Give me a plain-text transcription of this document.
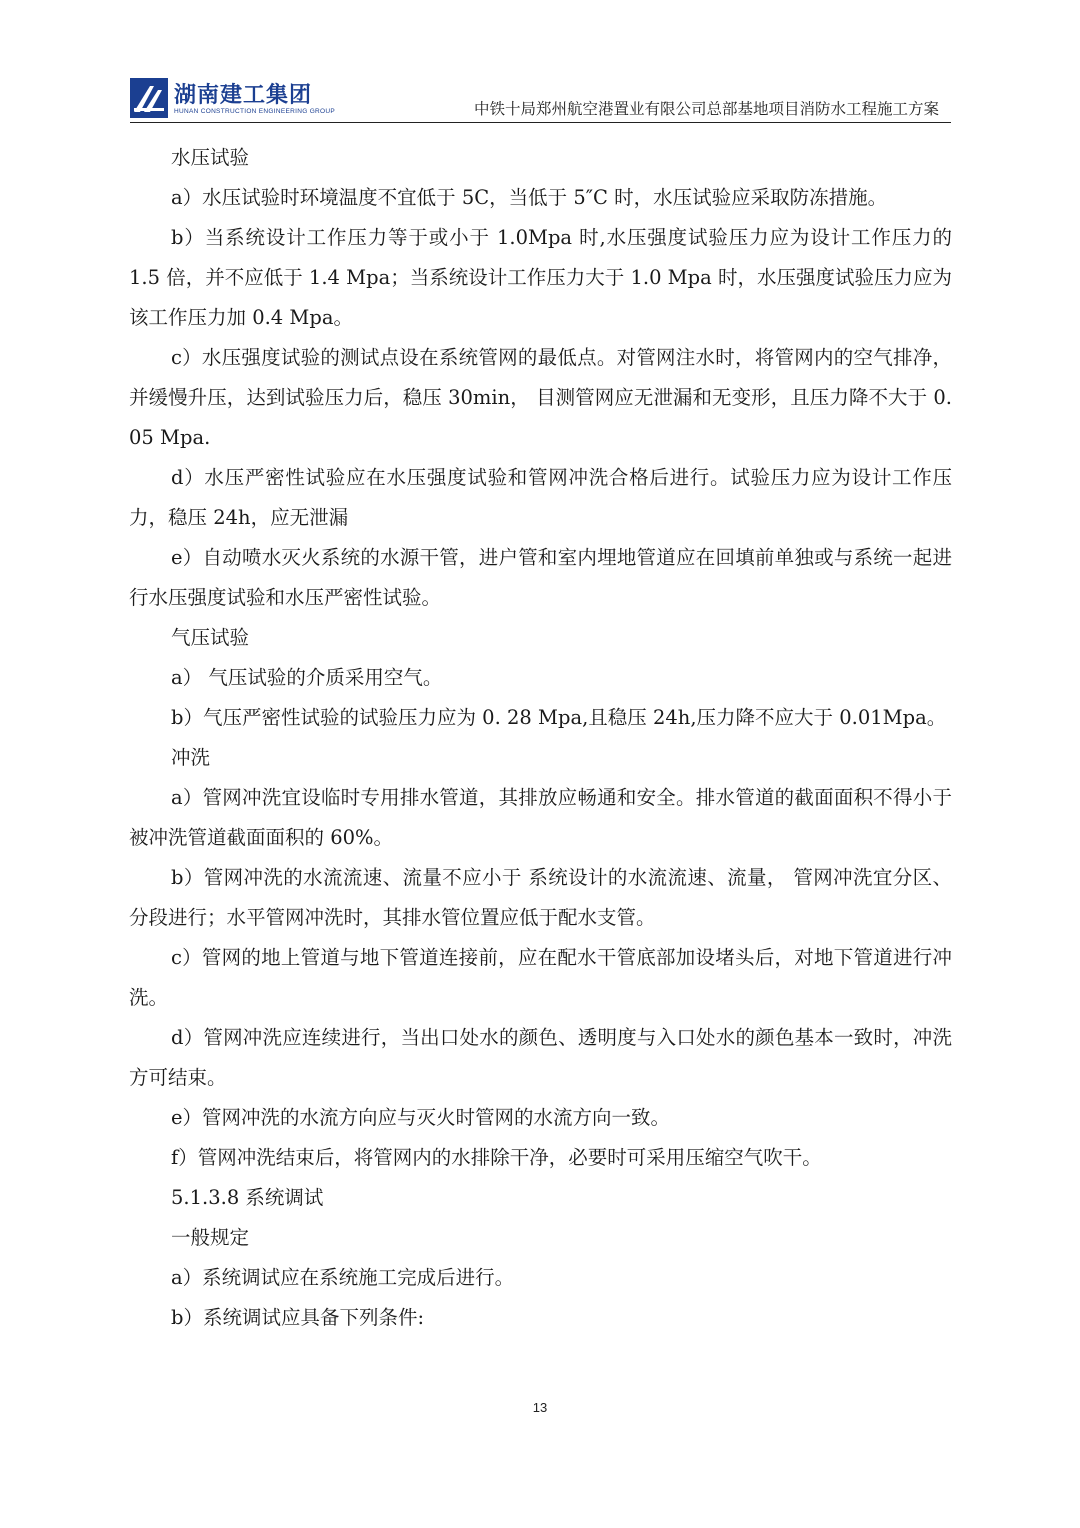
湖南建工集团
HUNAN CONSTRUCTION ENGINEERING GROUP	中铁十局郑州航空港置业有限公司总部基地项目消防水工程施工方案

水压试验

a）水压试验时环境温度不宜低于 5C，当低于 5″C 时，水压试验应采取防冻措施。

b）当系统设计工作压力等于或小于 1.0Mpa 时,水压强度试验压力应为设计工作压力的 1.5 倍，并不应低于 1.4 Mpa；当系统设计工作压力大于 1.0 Mpa 时，水压强度试验压力应为该工作压力加 0.4 Mpa。

c）水压强度试验的测试点设在系统管网的最低点。对管网注水时，将管网内的空气排净，并缓慢升压，达到试验压力后，稳压 30min， 目测管网应无泄漏和无变形，且压力降不大于 0. 05 Mpa.

d）水压严密性试验应在水压强度试验和管网冲洗合格后进行。试验压力应为设计工作压力，稳压 24h，应无泄漏

e）自动喷水灭火系统的水源干管，进户管和室内埋地管道应在回填前单独或与系统一起进行水压强度试验和水压严密性试验。

气压试验

a） 气压试验的介质采用空气。

b）气压严密性试验的试验压力应为 0. 28 Mpa,且稳压 24h,压力降不应大于 0.01Mpa。

冲洗

a）管网冲洗宜设临时专用排水管道，其排放应畅通和安全。排水管道的截面面积不得小于被冲洗管道截面面积的 60%。

b）管网冲洗的水流流速、流量不应小于 系统设计的水流流速、流量， 管网冲洗宜分区、分段进行；水平管网冲洗时，其排水管位置应低于配水支管。

c）管网的地上管道与地下管道连接前，应在配水干管底部加设堵头后，对地下管道进行冲洗。

d）管网冲洗应连续进行，当出口处水的颜色、透明度与入口处水的颜色基本一致时，冲洗方可结束。

e）管网冲洗的水流方向应与灭火时管网的水流方向一致。

f）管网冲洗结束后，将管网内的水排除干净，必要时可采用压缩空气吹干。

5.1.3.8 系统调试

一般规定

a）系统调试应在系统施工完成后进行。

b）系统调试应具备下列条件:

13
